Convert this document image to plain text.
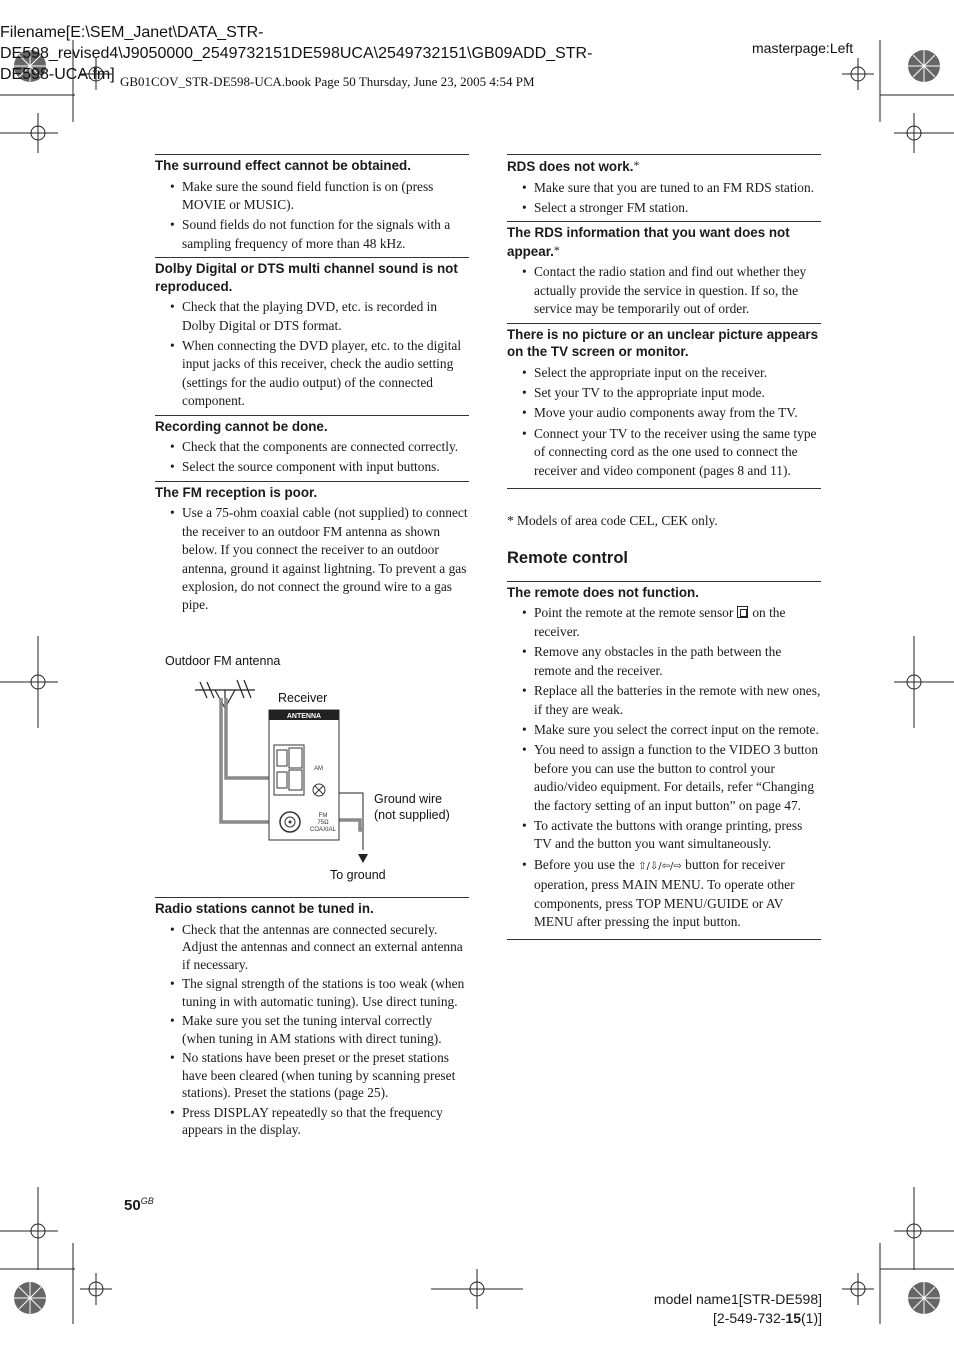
Filename[E:\SEM_Janet\DATA_STR-DE598_revised4\J9050000_2549732151DE598UCA\2549732151\GB09ADD_STR-DE598-UCA.fm]
masterpage:Left
GB01COV_STR-DE598-UCA.book Page 50 Thursday, June 23, 2005 4:54 PM
The surround effect cannot be obtained.
• Make sure the sound field function is on (press MOVIE or MUSIC).
• Sound fields do not function for the signals with a sampling frequency of more than 48 kHz.
Dolby Digital or DTS multi channel sound is not reproduced.
• Check that the playing DVD, etc. is recorded in Dolby Digital or DTS format.
• When connecting the DVD player, etc. to the digital input jacks of this receiver, check the audio setting (settings for the audio output) of the connected component.
Recording cannot be done.
• Check that the components are connected correctly.
• Select the source component with input buttons.
The FM reception is poor.
• Use a 75-ohm coaxial cable (not supplied) to connect the receiver to an outdoor FM antenna as shown below. If you connect the receiver to an outdoor antenna, ground it against lightning. To prevent a gas explosion, do not connect the ground wire to a gas pipe.
Outdoor FM antenna
Receiver
Ground wire
(not supplied)
To ground
ANTENNA
AM
FM
75Ω
COAXIAL
Radio stations cannot be tuned in.
• Check that the antennas are connected securely. Adjust the antennas and connect an external antenna if necessary.
• The signal strength of the stations is too weak (when tuning in with automatic tuning). Use direct tuning.
• Make sure you set the tuning interval correctly (when tuning in AM stations with direct tuning).
• No stations have been preset or the preset stations have been cleared (when tuning by scanning preset stations). Preset the stations (page 25).
• Press DISPLAY repeatedly so that the frequency appears in the display.
RDS does not work.*
• Make sure that you are tuned to an FM RDS station.
• Select a stronger FM station.
The RDS information that you want does not appear.*
• Contact the radio station and find out whether they actually provide the service in question. If so, the service may be temporarily out of order.
There is no picture or an unclear picture appears on the TV screen or monitor.
• Select the appropriate input on the receiver.
• Set your TV to the appropriate input mode.
• Move your audio components away from the TV.
• Connect your TV to the receiver using the same type of connecting cord as the one used to connect the receiver and video component (pages 8 and 11).
* Models of area code CEL, CEK only.
Remote control
The remote does not function.
• Point the remote at the remote sensor on the receiver.
• Remove any obstacles in the path between the remote and the receiver.
• Replace all the batteries in the remote with new ones, if they are weak.
• Make sure you select the correct input on the remote.
• You need to assign a function to the VIDEO 3 button before you can use the button to control your audio/video equipment. For details, refer “Changing the factory setting of an input button” on page 47.
• To activate the buttons with orange printing, press TV and the button you want simultaneously.
• Before you use the ⇧/⇩/⇦/⇨ button for receiver operation, press MAIN MENU. To operate other components, press TOP MENU/GUIDE or AV MENU after pressing the input button.
$50^{GB}$
model name1[STR-DE598]
[2-549-732-15(1)]
